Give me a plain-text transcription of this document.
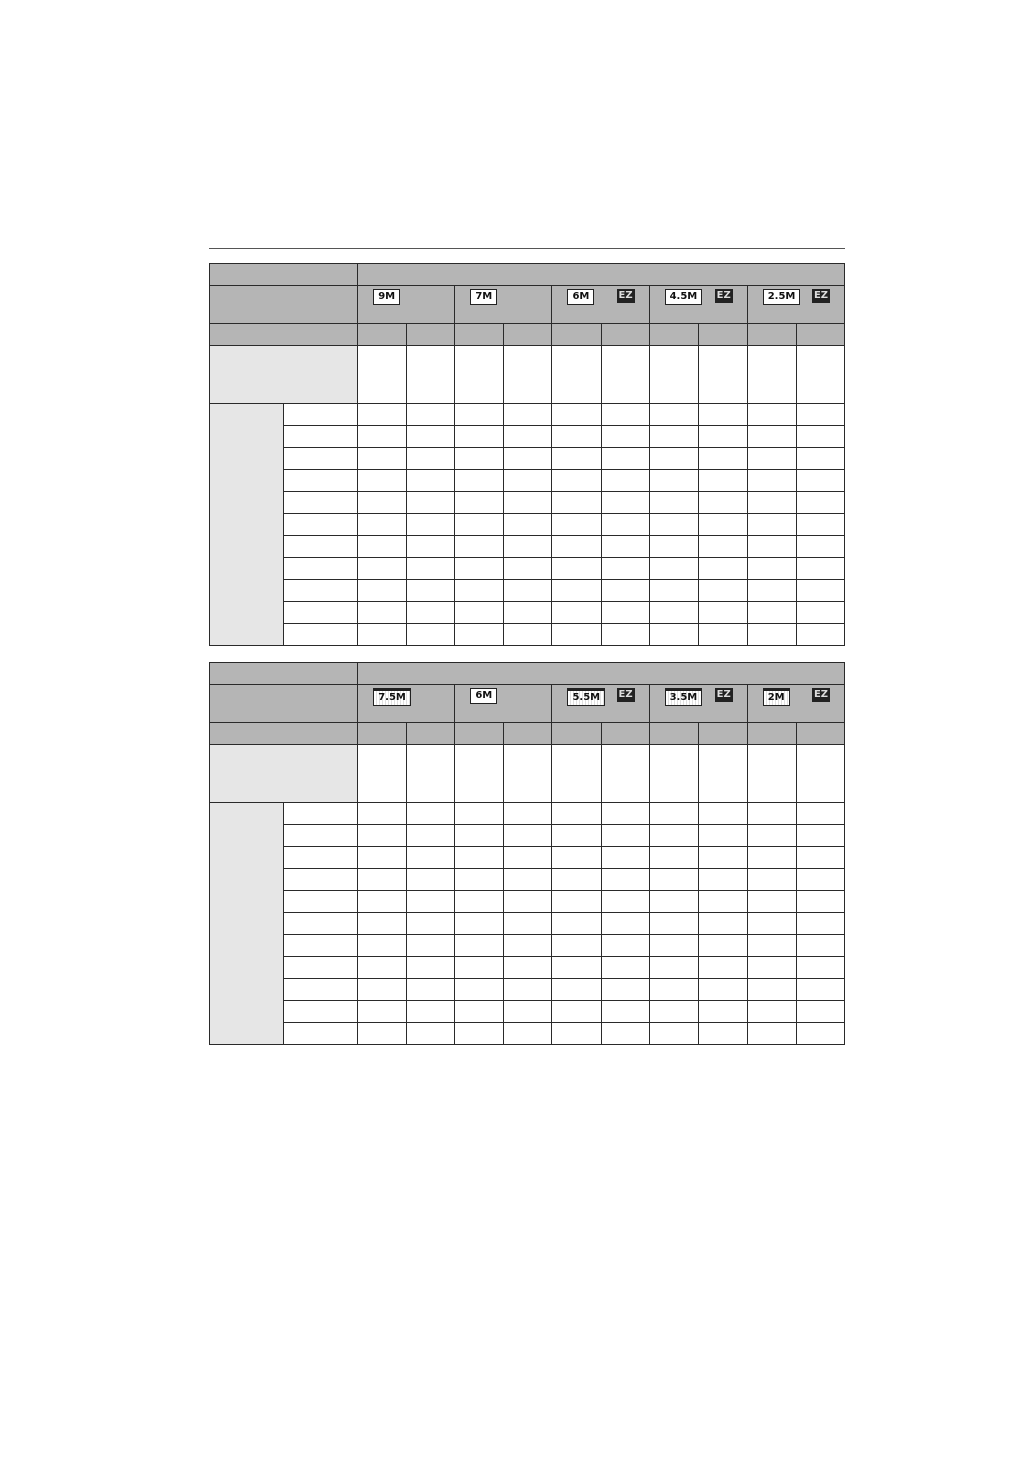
		9M		7M		6M EZ		4.5M EZ		2.5M EZ	

		7.5M		6M		5.5M EZ		3.5M EZ		2M EZ	
